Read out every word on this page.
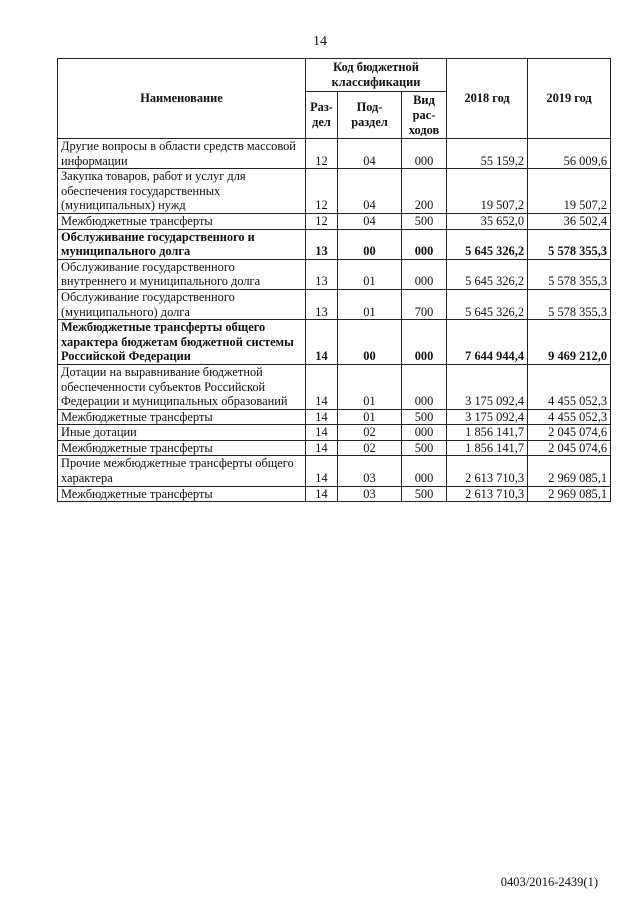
14
Наименование	Код бюджетной классификации			2018 год	2019 год
	Раз-дел	Под-раздел	Вид рас-ходов		
Другие вопросы в области средств массовой информации	12	04	000	55 159,2	56 009,6
Закупка товаров, работ и услуг для обеспечения государственных (муниципальных) нужд	12	04	200	19 507,2	19 507,2
Межбюджетные трансферты	12	04	500	35 652,0	36 502,4
Обслуживание государственного и муниципального долга	13	00	000	5 645 326,2	5 578 355,3
Обслуживание государственного внутреннего и муниципального долга	13	01	000	5 645 326,2	5 578 355,3
Обслуживание государственного (муниципального) долга	13	01	700	5 645 326,2	5 578 355,3
Межбюджетные трансферты общего характера бюджетам бюджетной системы Российской Федерации	14	00	000	7 644 944,4	9 469 212,0
Дотации на выравнивание бюджетной обеспеченности субъектов Российской Федерации и муниципальных образований	14	01	000	3 175 092,4	4 455 052,3
Межбюджетные трансферты	14	01	500	3 175 092,4	4 455 052,3
Иные дотации	14	02	000	1 856 141,7	2 045 074,6
Межбюджетные трансферты	14	02	500	1 856 141,7	2 045 074,6
Прочие межбюджетные трансферты общего характера	14	03	000	2 613 710,3	2 969 085,1
Межбюджетные трансферты	14	03	500	2 613 710,3	2 969 085,1
0403/2016-2439(1)
